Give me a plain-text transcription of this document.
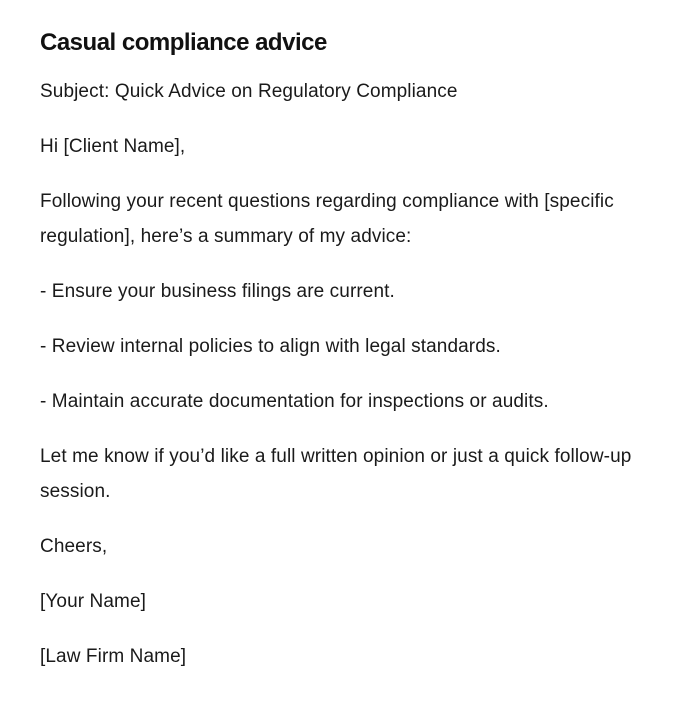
Casual compliance advice

Subject: Quick Advice on Regulatory Compliance

Hi [Client Name],

Following your recent questions regarding compliance with [specific regulation], here’s a summary of my advice:

- Ensure your business filings are current.

- Review internal policies to align with legal standards.

- Maintain accurate documentation for inspections or audits.

Let me know if you’d like a full written opinion or just a quick follow-up session.

Cheers,

[Your Name]

[Law Firm Name]
